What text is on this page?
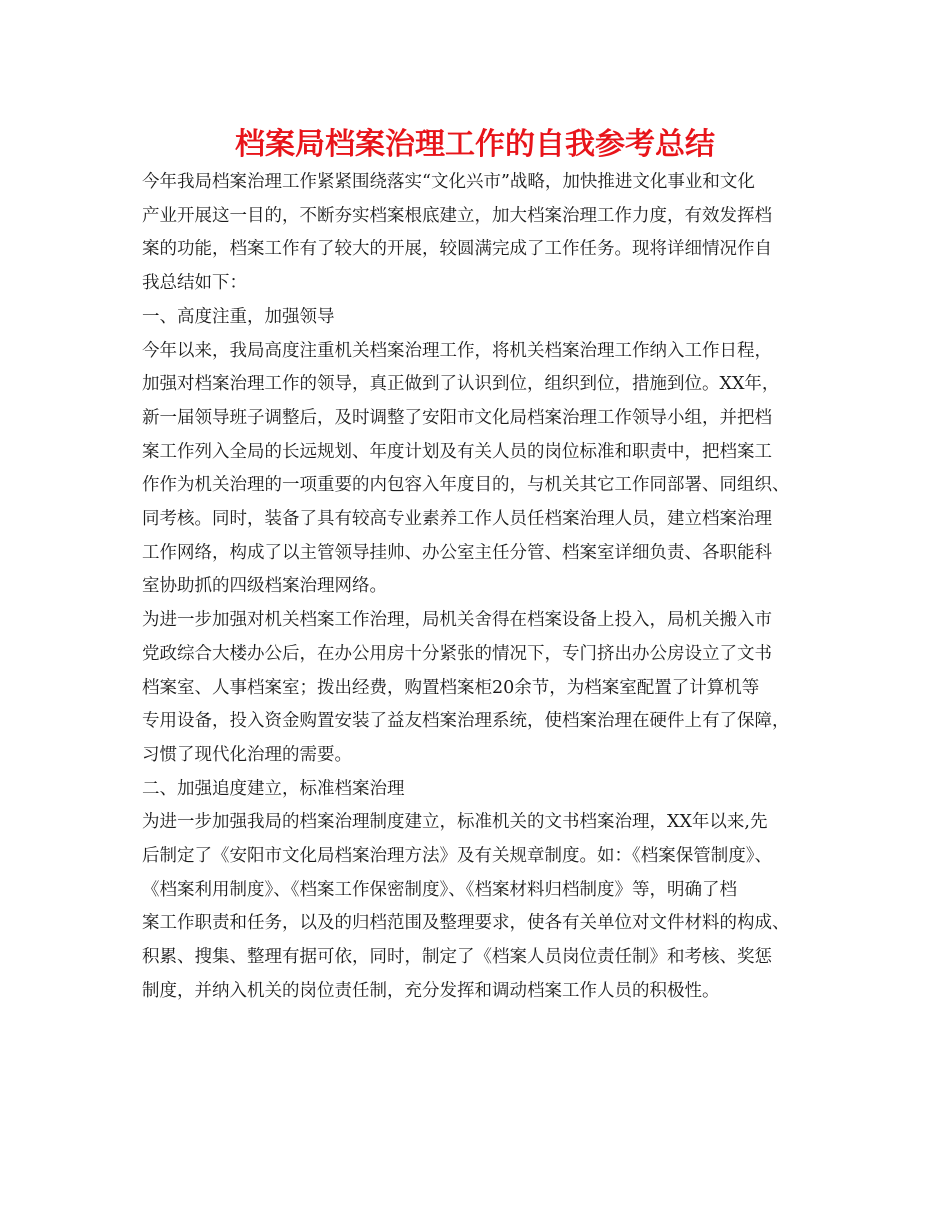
档案局档案治理工作的自我参考总结
今年我局档案治理工作紧紧围绕落实“文化兴市”战略，加快推进文化事业和文化
产业开展这一目的，不断夯实档案根底建立，加大档案治理工作力度，有效发挥档
案的功能，档案工作有了较大的开展，较圆满完成了工作任务。现将详细情况作自
我总结如下：
一、高度注重，加强领导
今年以来，我局高度注重机关档案治理工作，将机关档案治理工作纳入工作日程，
加强对档案治理工作的领导，真正做到了认识到位，组织到位，措施到位。XX年，
新一届领导班子调整后，及时调整了安阳市文化局档案治理工作领导小组，并把档
案工作列入全局的长远规划、年度计划及有关人员的岗位标准和职责中，把档案工
作作为机关治理的一项重要的内包容入年度目的，与机关其它工作同部署、同组织、
同考核。同时，装备了具有较高专业素养工作人员任档案治理人员，建立档案治理
工作网络，构成了以主管领导挂帅、办公室主任分管、档案室详细负责、各职能科
室协助抓的四级档案治理网络。
为进一步加强对机关档案工作治理，局机关舍得在档案设备上投入，局机关搬入市
党政综合大楼办公后，在办公用房十分紧张的情况下，专门挤出办公房设立了文书
档案室、人事档案室；拨出经费，购置档案柜20余节，为档案室配置了计算机等
专用设备，投入资金购置安装了益友档案治理系统，使档案治理在硬件上有了保障，
习惯了现代化治理的需要。
二、加强追度建立，标准档案治理
为进一步加强我局的档案治理制度建立，标准机关的文书档案治理，XX年以来,先
后制定了《安阳市文化局档案治理方法》及有关规章制度。如：《档案保管制度》、
《档案利用制度》、《档案工作保密制度》、《档案材料归档制度》等，明确了档
案工作职责和任务，以及的归档范围及整理要求，使各有关单位对文件材料的构成、
积累、搜集、整理有据可依，同时，制定了《档案人员岗位责任制》和考核、奖惩
制度，并纳入机关的岗位责任制，充分发挥和调动档案工作人员的积极性。
